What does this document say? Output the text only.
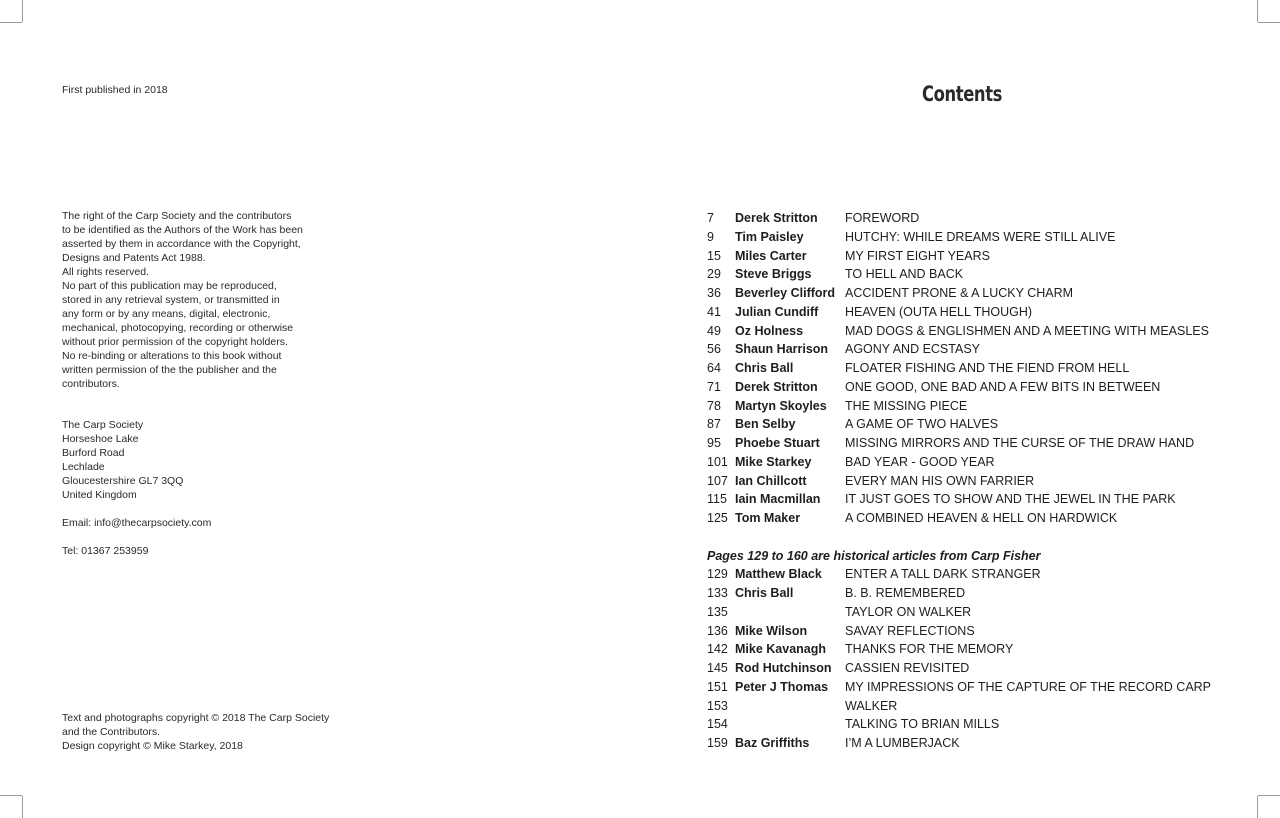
First published in 2018
The right of the Carp Society and the contributors
to be identified as the Authors of the Work has been
asserted by them in accordance with the Copyright,
Designs and Patents Act 1988.
All rights reserved.
No part of this publication may be reproduced,
stored in any retrieval system, or transmitted in
any form or by any means, digital, electronic,
mechanical, photocopying, recording or otherwise
without prior permission of the copyright holders.
No re-binding or alterations to this book without
written permission of the the publisher and the
contributors.
The Carp Society
Horseshoe Lake
Burford Road
Lechlade
Gloucestershire GL7 3QQ
United Kingdom
Email: info@thecarpsociety.com
Tel: 01367 253959
Text and photographs copyright © 2018 The Carp Society
and the Contributors.
Design copyright © Mike Starkey, 2018
Contents
7	Derek Stritton FOREWORD
9	Tim Paisley	HUTCHY: WHILE DREAMS WERE STILL ALIVE
15	Miles Carter	MY FIRST EIGHT YEARS
29	Steve Briggs	TO HELL AND BACK
36	Beverley Clifford ACCIDENT PRONE & A LUCKY CHARM
41	Julian Cundiff HEAVEN (OUTA HELL THOUGH)
49	Oz Holness	MAD DOGS & ENGLISHMEN AND A MEETING WITH MEASLES
56	Shaun Harrison AGONY AND ECSTASY
64	Chris Ball	FLOATER FISHING AND THE FIEND FROM HELL
71	Derek Stritton ONE GOOD, ONE BAD AND A FEW BITS IN BETWEEN
78	Martyn Skoyles THE MISSING PIECE
87	Ben Selby	A GAME OF TWO HALVES
95	Phoebe Stuart MISSING MIRRORS AND THE CURSE OF THE DRAW HAND
101 Mike Starkey	BAD YEAR - GOOD YEAR
107 Ian Chillcott	EVERY MAN HIS OWN FARRIER
115 Iain Macmillan IT JUST GOES TO SHOW AND THE JEWEL IN THE PARK
125 Tom Maker	A COMBINED HEAVEN & HELL ON HARDWICK
Pages 129 to 160 are historical articles from Carp Fisher
129 Matthew Black ENTER A TALL DARK STRANGER
133 Chris Ball	B. B. REMEMBERED
135	TAYLOR ON WALKER
136 Mike Wilson	SAVAY REFLECTIONS
142 Mike Kavanagh THANKS FOR THE MEMORY
145 Rod Hutchinson CASSIEN REVISITED
151 Peter J Thomas MY IMPRESSIONS OF THE CAPTURE OF THE RECORD CARP
153	WALKER
154	TALKING TO BRIAN MILLS
159 Baz Griffiths	I’M A LUMBERJACK
